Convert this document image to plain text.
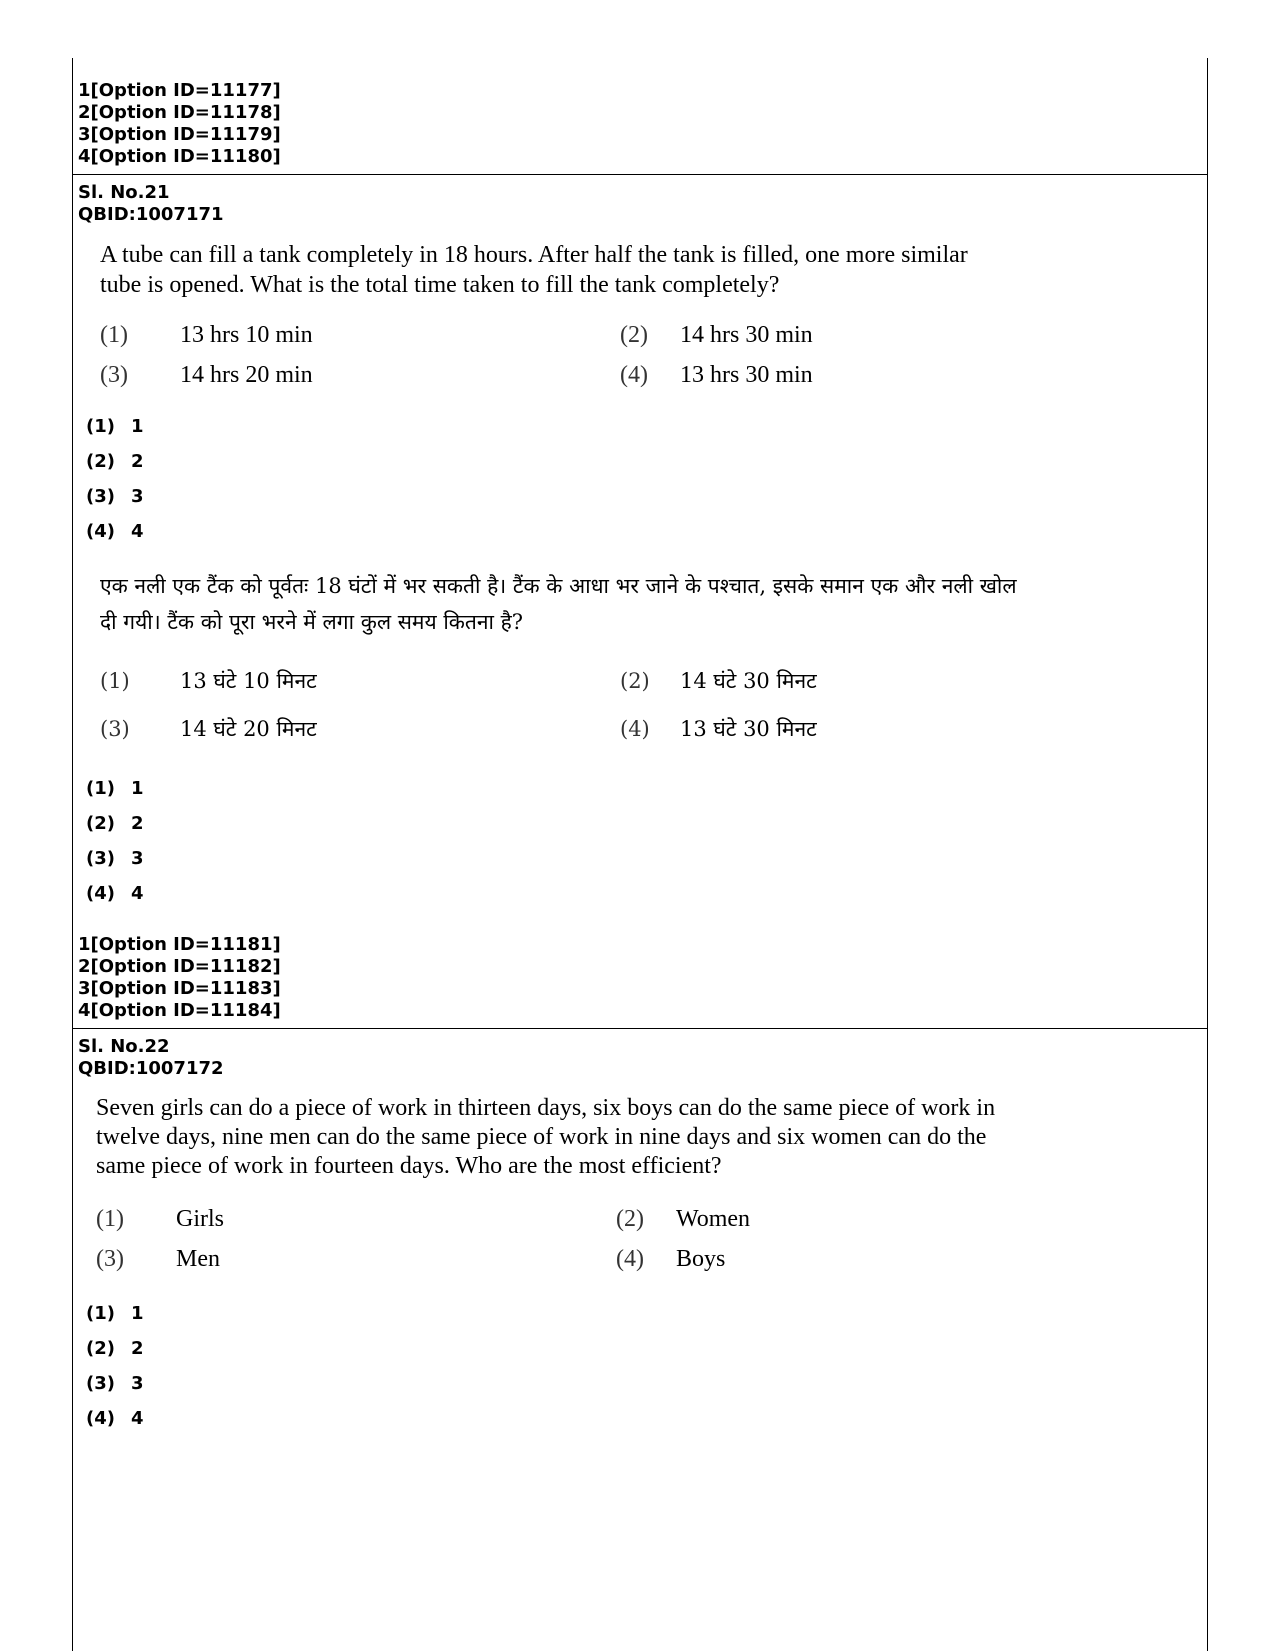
1[Option ID=11177]
2[Option ID=11178]
3[Option ID=11179]
4[Option ID=11180]
Sl. No.21
QBID:1007171
A tube can fill a tank completely in 18 hours. After half the tank is filled, one more similar
tube is opened. What is the total time taken to fill the tank completely?
(1) 13 hrs 10 min	(2) 14 hrs 30 min
(3) 14 hrs 20 min	(4) 13 hrs 30 min
(1) 1
(2) 2
(3) 3
(4) 4
एक नली एक टैंक को पूर्वतः 18 घंटों में भर सकती है। टैंक के आधा भर जाने के पश्चात, इसके समान एक और नली खोल
दी गयी। टैंक को पूरा भरने में लगा कुल समय कितना है?
(1) 13 घंटे 10 मिनट	(2) 14 घंटे 30 मिनट
(3) 14 घंटे 20 मिनट	(4) 13 घंटे 30 मिनट
(1) 1
(2) 2
(3) 3
(4) 4
1[Option ID=11181]
2[Option ID=11182]
3[Option ID=11183]
4[Option ID=11184]
Sl. No.22
QBID:1007172
Seven girls can do a piece of work in thirteen days, six boys can do the same piece of work in
twelve days, nine men can do the same piece of work in nine days and six women can do the
same piece of work in fourteen days. Who are the most efficient?
(1) Girls	(2) Women
(3) Men	(4) Boys
(1) 1
(2) 2
(3) 3
(4) 4
